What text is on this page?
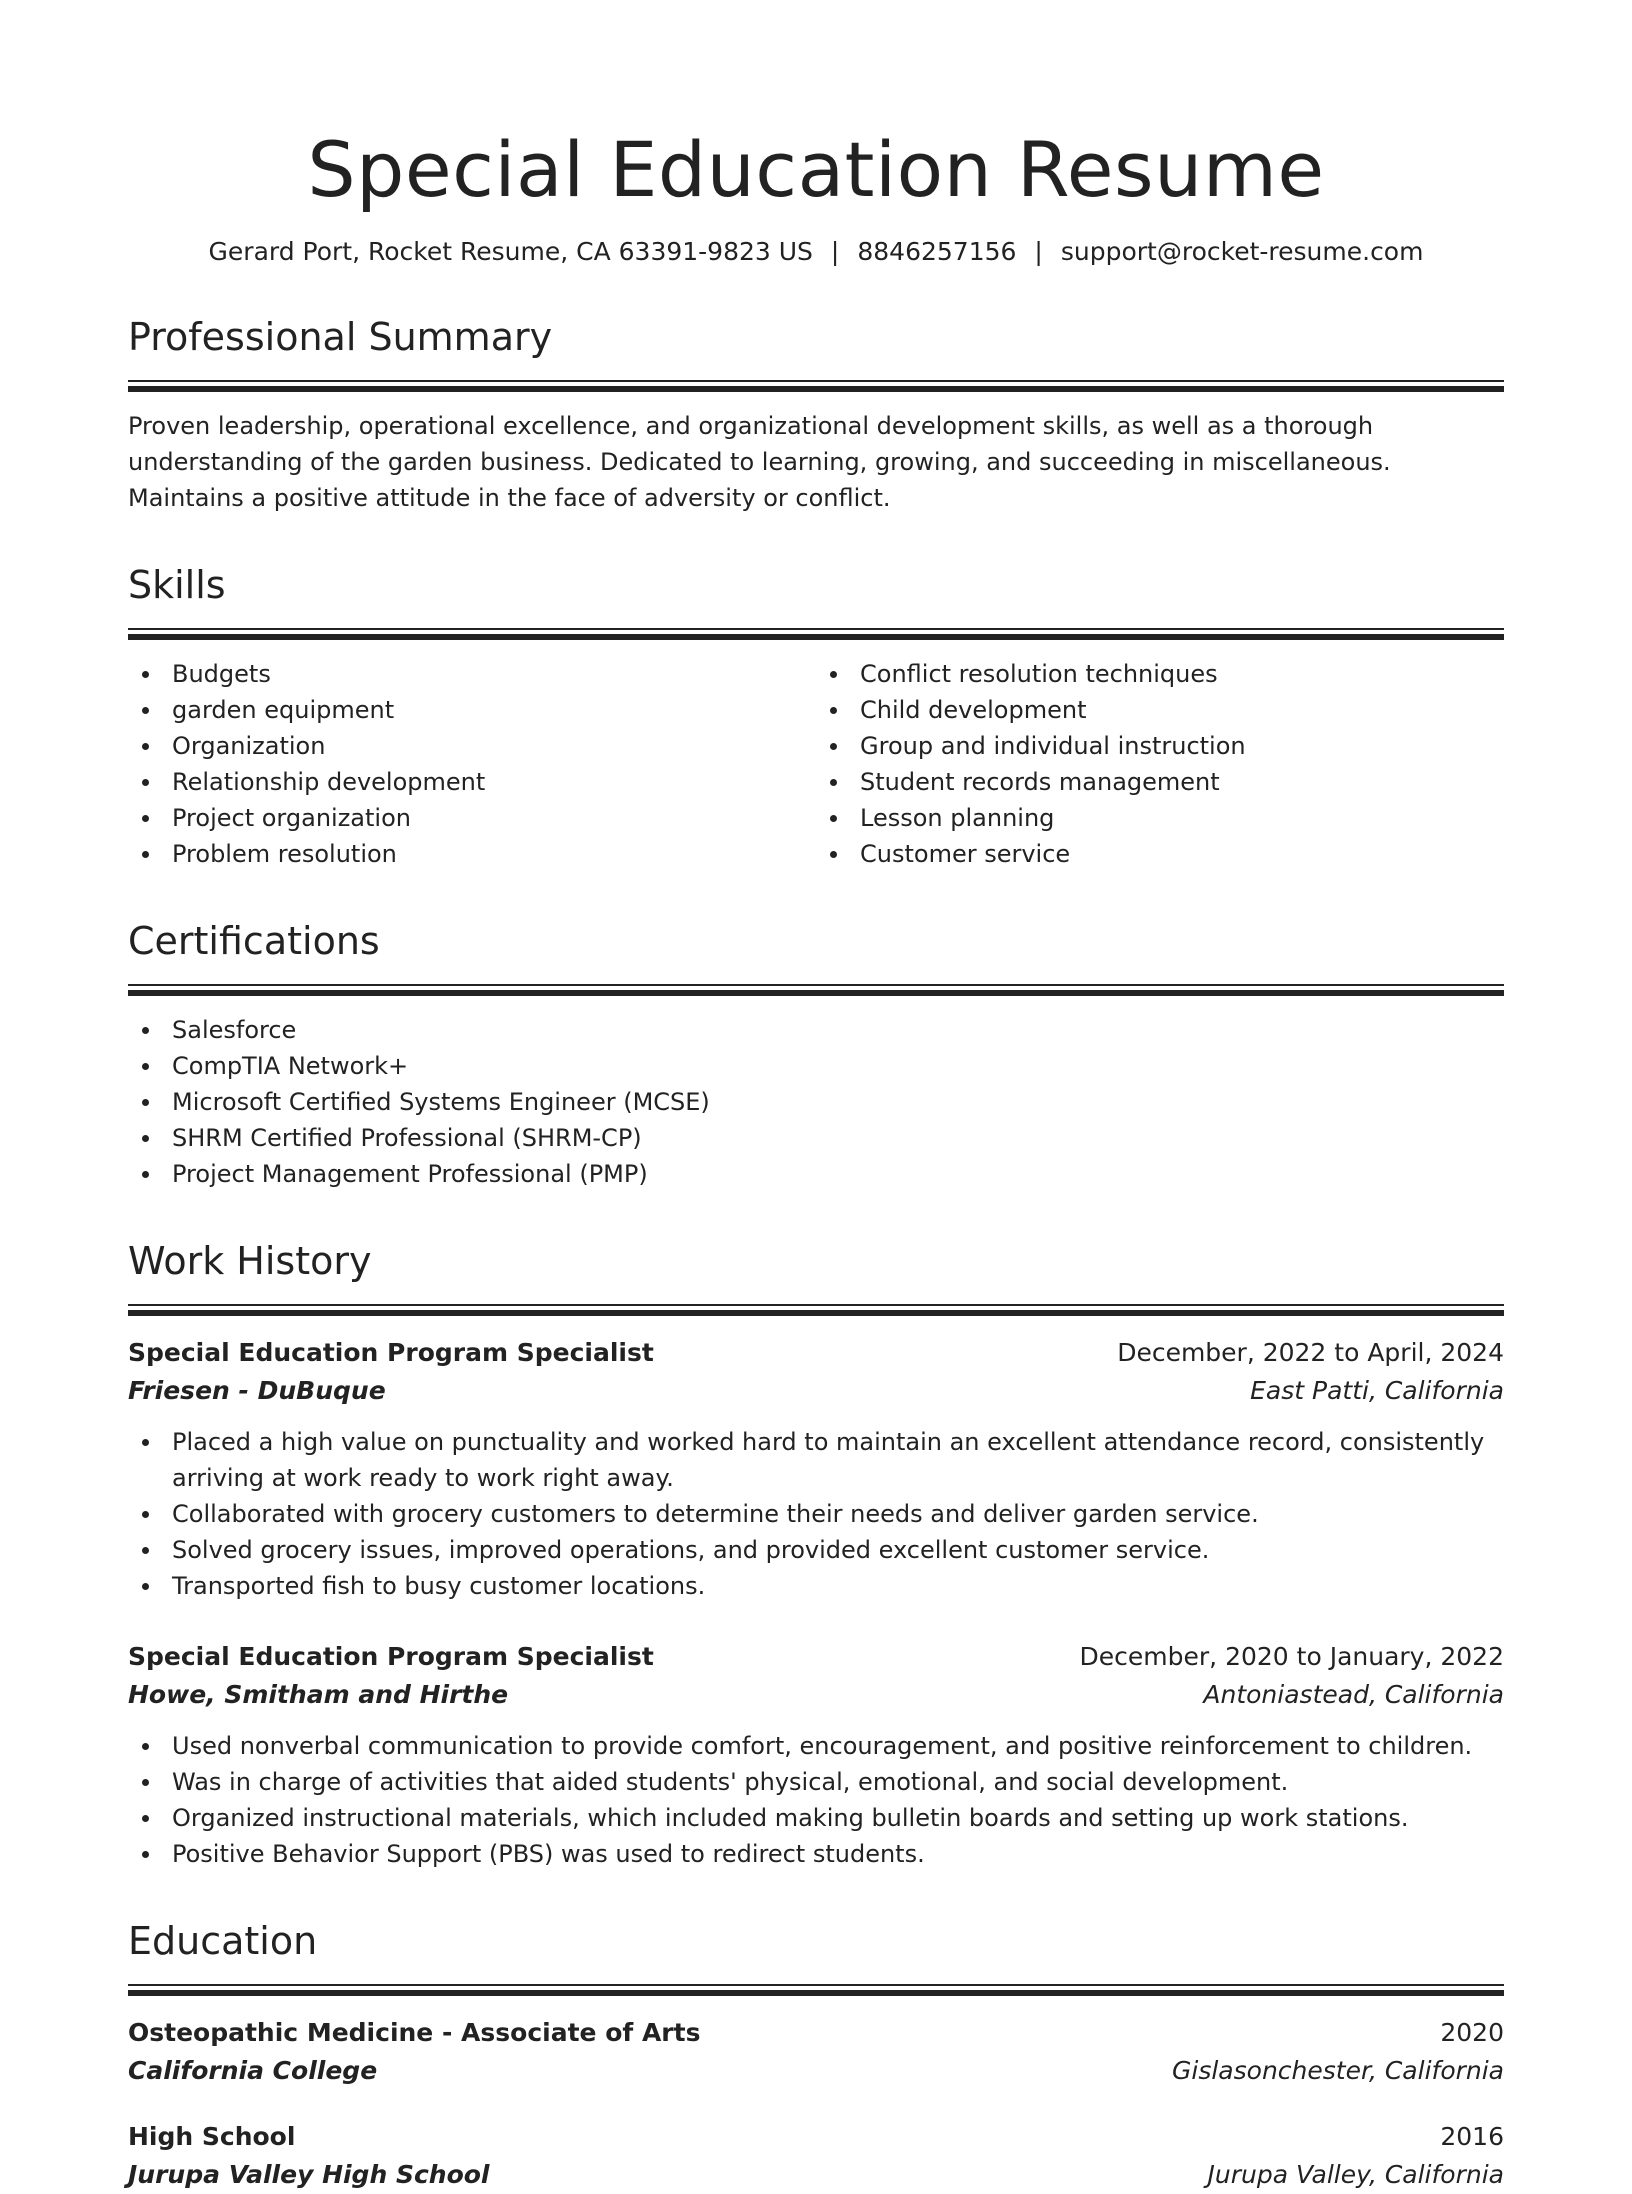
Special Education Resume
Gerard Port, Rocket Resume, CA 63391-9823 US | 8846257156 | support@rocket-resume.com
Professional Summary

Proven leadership, operational excellence, and organizational development skills, as well as a thorough understanding of the garden business. Dedicated to learning, growing, and succeeding in miscellaneous. Maintains a positive attitude in the face of adversity or conflict.

Skills
Budgets
garden equipment
Organization
Relationship development
Project organization
Problem resolution
Conflict resolution techniques
Child development
Group and individual instruction
Student records management
Lesson planning
Customer service
Certifications
Salesforce
CompTIA Network+
Microsoft Certified Systems Engineer (MCSE)
SHRM Certified Professional (SHRM-CP)
Project Management Professional (PMP)
Work History
Special Education Program Specialist	December, 2022 to April, 2024
Friesen - DuBuque	East Patti, California
Placed a high value on punctuality and worked hard to maintain an excellent attendance record, consistently arriving at work ready to work right away.
Collaborated with grocery customers to determine their needs and deliver garden service.
Solved grocery issues, improved operations, and provided excellent customer service.
Transported fish to busy customer locations.
Special Education Program Specialist	December, 2020 to January, 2022
Howe, Smitham and Hirthe	Antoniastead, California
Used nonverbal communication to provide comfort, encouragement, and positive reinforcement to children.
Was in charge of activities that aided students' physical, emotional, and social development.
Organized instructional materials, which included making bulletin boards and setting up work stations.
Positive Behavior Support (PBS) was used to redirect students.
Education
Osteopathic Medicine - Associate of Arts	2020
California College	Gislasonchester, California
High School	2016
Jurupa Valley High School	Jurupa Valley, California
